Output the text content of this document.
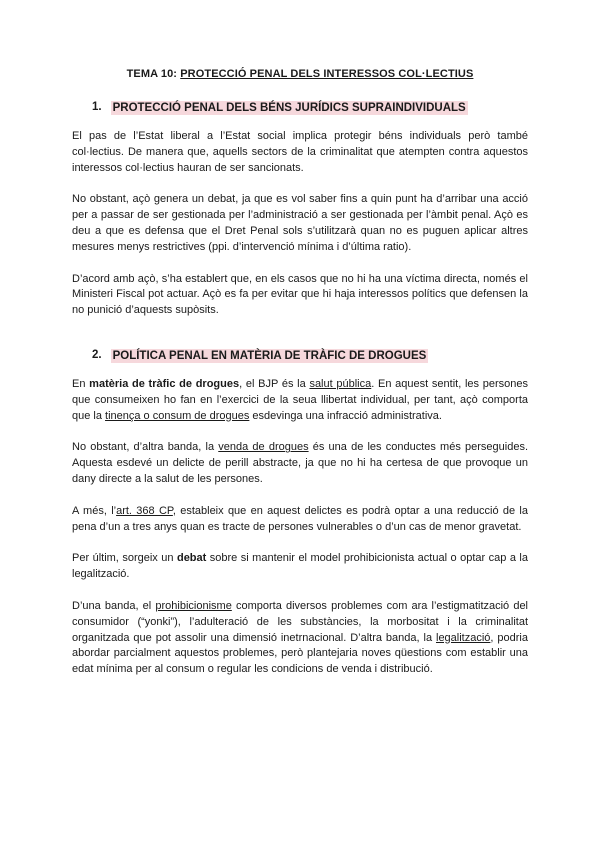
TEMA 10: PROTECCIÓ PENAL DELS INTERESSOS COL·LECTIUS
1. PROTECCIÓ PENAL DELS BÉNS JURÍDICS SUPRAINDIVIDUALS

El pas de l’Estat liberal a l’Estat social implica protegir béns individuals però també col·lectius. De manera que, aquells sectors de la criminalitat que atempten contra aquestos interessos col·lectius hauran de ser sancionats.

No obstant, açò genera un debat, ja que es vol saber fins a quin punt ha d’arribar una acció per a passar de ser gestionada per l’administració a ser gestionada per l’àmbit penal. Açò es deu a que es defensa que el Dret Penal sols s’utilitzarà quan no es puguen aplicar altres mesures menys restrictives (ppi. d’intervenció mínima i d’última ratio).

D’acord amb açò, s’ha establert que, en els casos que no hi ha una víctima directa, només el Ministeri Fiscal pot actuar. Açò es fa per evitar que hi haja interessos polítics que defensen la no punició d’aquests supòsits.

2. POLÍTICA PENAL EN MATÈRIA DE TRÀFIC DE DROGUES

En matèria de tràfic de drogues, el BJP és la salut pública. En aquest sentit, les persones que consumeixen ho fan en l’exercici de la seua llibertat individual, per tant, açò comporta que la tinença o consum de drogues esdevinga una infracció administrativa.

No obstant, d’altra banda, la venda de drogues és una de les conductes més perseguides. Aquesta esdevé un delicte de perill abstracte, ja que no hi ha certesa de que provoque un dany directe a la salut de les persones.

A més, l’art. 368 CP, estableix que en aquest delictes es podrà optar a una reducció de la pena d’un a tres anys quan es tracte de persones vulnerables o d’un cas de menor gravetat.

Per últim, sorgeix un debat sobre si mantenir el model prohibicionista actual o optar cap a la legalització.

D’una banda, el prohibicionisme comporta diversos problemes com ara l’estigmatització del consumidor (“yonki”), l’adulteració de les substàncies, la morbositat i la criminalitat organitzada que pot assolir una dimensió inetrnacional. D’altra banda, la legalització, podria abordar parcialment aquestos problemes, però plantejaria noves qüestions com establir una edat mínima per al consum o regular les condicions de venda i distribució.
